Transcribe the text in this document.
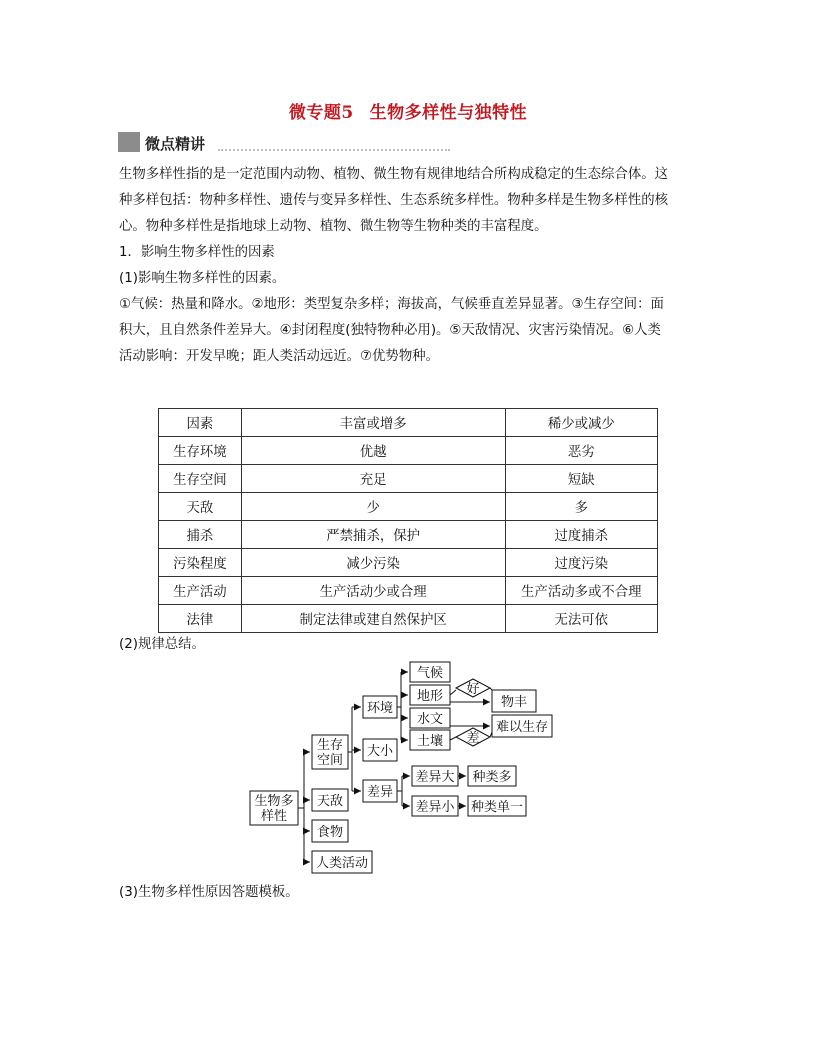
微专题5 生物多样性与独特性
微点精讲

生物多样性指的是一定范围内动物、植物、微生物有规律地结合所构成稳定的生态综合体。这

种多样包括：物种多样性、遗传与变异多样性、生态系统多样性。物种多样是生物多样性的核

心。物种多样性是指地球上动物、植物、微生物等生物种类的丰富程度。

1．影响生物多样性的因素

(1)影响生物多样性的因素。

①气候：热量和降水。②地形：类型复杂多样；海拔高，气候垂直差异显著。③生存空间：面

积大，且自然条件差异大。④封闭程度(独特物种必用)。⑤天敌情况、灾害污染情况。⑥人类

活动影响：开发早晚；距人类活动远近。⑦优势物种。

因素	丰富或增多	稀少或减少
生存环境	优越	恶劣
生存空间	充足	短缺
天敌	少	多
捕杀	严禁捕杀，保护	过度捕杀
污染程度	减少污染	过度污染
生产活动	生产活动少或合理	生产活动多或不合理
法律	制定法律或建自然保护区	无法可依
(2)规律总结。
生物多
样性
生存
空间
天敌
食物
人类活动
环境
大小
差异
气候
地形
水文
土壤
好
差
物丰
难以生存
差异大
差异小
种类多
种类单一
(3)生物多样性原因答题模板。
